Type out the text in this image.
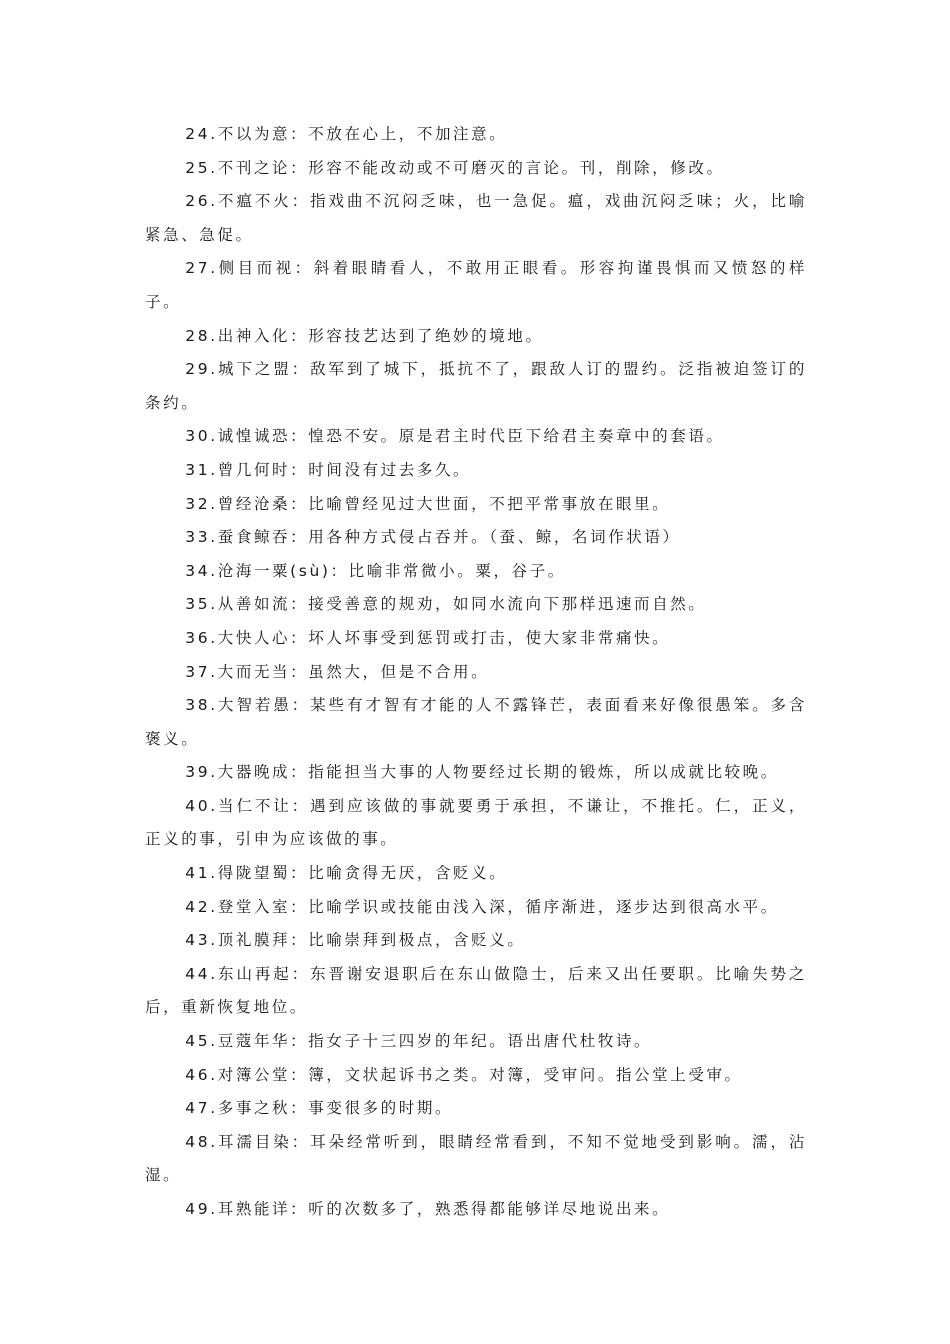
24.不以为意：不放在心上，不加注意。
25.不刊之论：形容不能改动或不可磨灭的言论。刊，削除，修改。
26.不瘟不火：指戏曲不沉闷乏味，也一急促。瘟，戏曲沉闷乏味；火，比喻紧急、急促。
27.侧目而视：斜着眼睛看人，不敢用正眼看。形容拘谨畏惧而又愤怒的样子。
28.出神入化：形容技艺达到了绝妙的境地。
29.城下之盟：敌军到了城下，抵抗不了，跟敌人订的盟约。泛指被迫签订的条约。
30.诚惶诚恐：惶恐不安。原是君主时代臣下给君主奏章中的套语。
31.曾几何时：时间没有过去多久。
32.曾经沧桑：比喻曾经见过大世面，不把平常事放在眼里。
33.蚕食鲸吞：用各种方式侵占吞并。（蚕、鲸，名词作状语）
34.沧海一粟(sù)：比喻非常微小。粟，谷子。
35.从善如流：接受善意的规劝，如同水流向下那样迅速而自然。
36.大快人心：坏人坏事受到惩罚或打击，使大家非常痛快。
37.大而无当：虽然大，但是不合用。
38.大智若愚：某些有才智有才能的人不露锋芒，表面看来好像很愚笨。多含褒义。
39.大器晚成：指能担当大事的人物要经过长期的锻炼，所以成就比较晚。
40.当仁不让：遇到应该做的事就要勇于承担，不谦让，不推托。仁，正义，正义的事，引申为应该做的事。
41.得陇望蜀：比喻贪得无厌，含贬义。
42.登堂入室：比喻学识或技能由浅入深，循序渐进，逐步达到很高水平。
43.顶礼膜拜：比喻崇拜到极点，含贬义。
44.东山再起：东晋谢安退职后在东山做隐士，后来又出任要职。比喻失势之后，重新恢复地位。
45.豆蔻年华：指女子十三四岁的年纪。语出唐代杜牧诗。
46.对簿公堂：簿，文状起诉书之类。对簿，受审问。指公堂上受审。
47.多事之秋：事变很多的时期。
48.耳濡目染：耳朵经常听到，眼睛经常看到，不知不觉地受到影响。濡，沾湿。
49.耳熟能详：听的次数多了，熟悉得都能够详尽地说出来。
